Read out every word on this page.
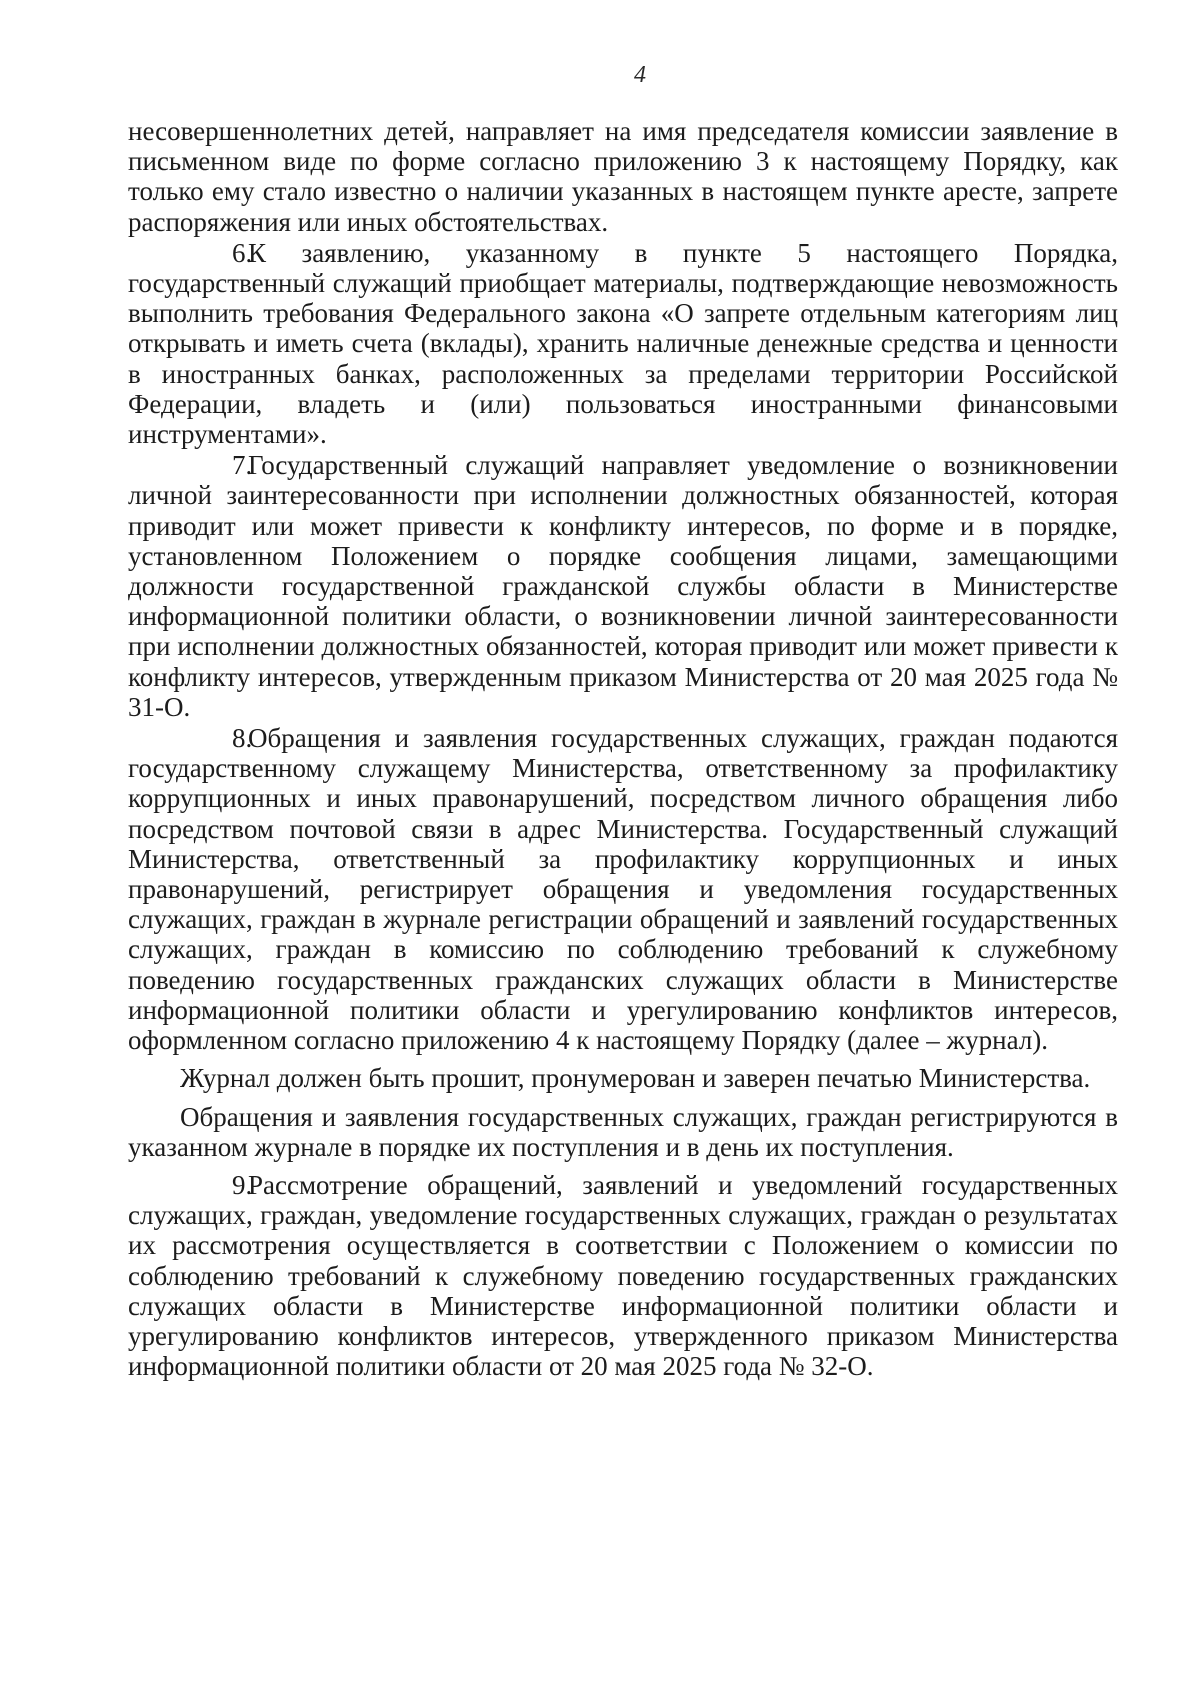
4

несовершеннолетних детей, направляет на имя председателя комиссии заявление в письменном виде по форме согласно приложению 3 к настоящему Порядку, как только ему стало известно о наличии указанных в настоящем пункте аресте, запрете распоряжения или иных обстоятельствах.

6.К заявлению, указанному в пункте 5 настоящего Порядка, государственный служащий приобщает материалы, подтверждающие невозможность выполнить требования Федерального закона «О запрете отдельным категориям лиц открывать и иметь счета (вклады), хранить наличные денежные средства и ценности в иностранных банках, расположенных за пределами территории Российской Федерации, владеть и (или) пользоваться иностранными финансовыми инструментами».

7.Государственный служащий направляет уведомление о возникновении личной заинтересованности при исполнении должностных обязанностей, которая приводит или может привести к конфликту интересов, по форме и в порядке, установленном Положением о порядке сообщения лицами, замещающими должности государственной гражданской службы области в Министерстве информационной политики области, о возникновении личной заинтересованности при исполнении должностных обязанностей, которая приводит или может привести к конфликту интересов, утвержденным приказом Министерства от 20 мая 2025 года № 31-О.

8.Обращения и заявления государственных служащих, граждан подаются государственному служащему Министерства, ответственному за профилактику коррупционных и иных правонарушений, посредством личного обращения либо посредством почтовой связи в адрес Министерства. Государственный служащий Министерства, ответственный за профилактику коррупционных и иных правонарушений, регистрирует обращения и уведомления государственных служащих, граждан в журнале регистрации обращений и заявлений государственных служащих, граждан в комиссию по соблюдению требований к служебному поведению государственных гражданских служащих области в Министерстве информационной политики области и урегулированию конфликтов интересов, оформленном согласно приложению 4 к настоящему Порядку (далее – журнал).

Журнал должен быть прошит, пронумерован и заверен печатью Министерства.

Обращения и заявления государственных служащих, граждан регистрируются в указанном журнале в порядке их поступления и в день их поступления.

9.Рассмотрение обращений, заявлений и уведомлений государственных служащих, граждан, уведомление государственных служащих, граждан о результатах их рассмотрения осуществляется в соответствии с Положением о комиссии по соблюдению требований к служебному поведению государственных гражданских служащих области в Министерстве информационной политики области и урегулированию конфликтов интересов, утвержденного приказом Министерства информационной политики области от 20 мая 2025 года № 32-О.
